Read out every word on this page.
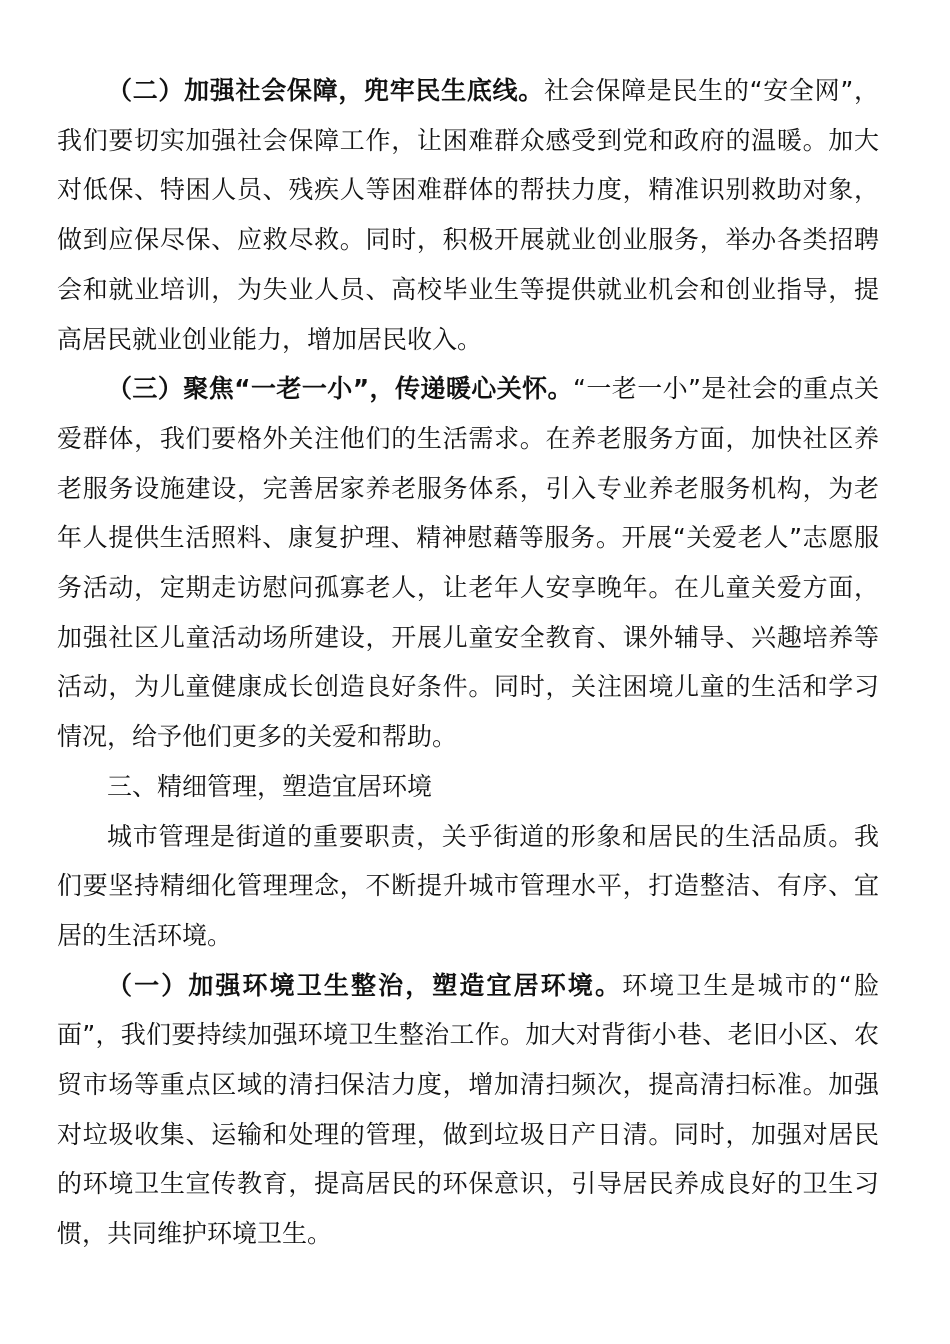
（二）加强社会保障，兜牢民生底线。社会保障是民生的“安全网”，我们要切实加强社会保障工作，让困难群众感受到党和政府的温暖。加大对低保、特困人员、残疾人等困难群体的帮扶力度，精准识别救助对象，做到应保尽保、应救尽救。同时，积极开展就业创业服务，举办各类招聘会和就业培训，为失业人员、高校毕业生等提供就业机会和创业指导，提高居民就业创业能力，增加居民收入。

（三）聚焦“一老一小”，传递暖心关怀。“一老一小”是社会的重点关爱群体，我们要格外关注他们的生活需求。在养老服务方面，加快社区养老服务设施建设，完善居家养老服务体系，引入专业养老服务机构，为老年人提供生活照料、康复护理、精神慰藉等服务。开展“关爱老人”志愿服务活动，定期走访慰问孤寡老人，让老年人安享晚年。在儿童关爱方面，加强社区儿童活动场所建设，开展儿童安全教育、课外辅导、兴趣培养等活动，为儿童健康成长创造良好条件。同时，关注困境儿童的生活和学习情况，给予他们更多的关爱和帮助。

三、精细管理，塑造宜居环境

城市管理是街道的重要职责，关乎街道的形象和居民的生活品质。我们要坚持精细化管理理念，不断提升城市管理水平，打造整洁、有序、宜居的生活环境。

（一）加强环境卫生整治，塑造宜居环境。环境卫生是城市的“脸面”，我们要持续加强环境卫生整治工作。加大对背街小巷、老旧小区、农贸市场等重点区域的清扫保洁力度，增加清扫频次，提高清扫标准。加强对垃圾收集、运输和处理的管理，做到垃圾日产日清。同时，加强对居民的环境卫生宣传教育，提高居民的环保意识，引导居民养成良好的卫生习惯，共同维护环境卫生。
